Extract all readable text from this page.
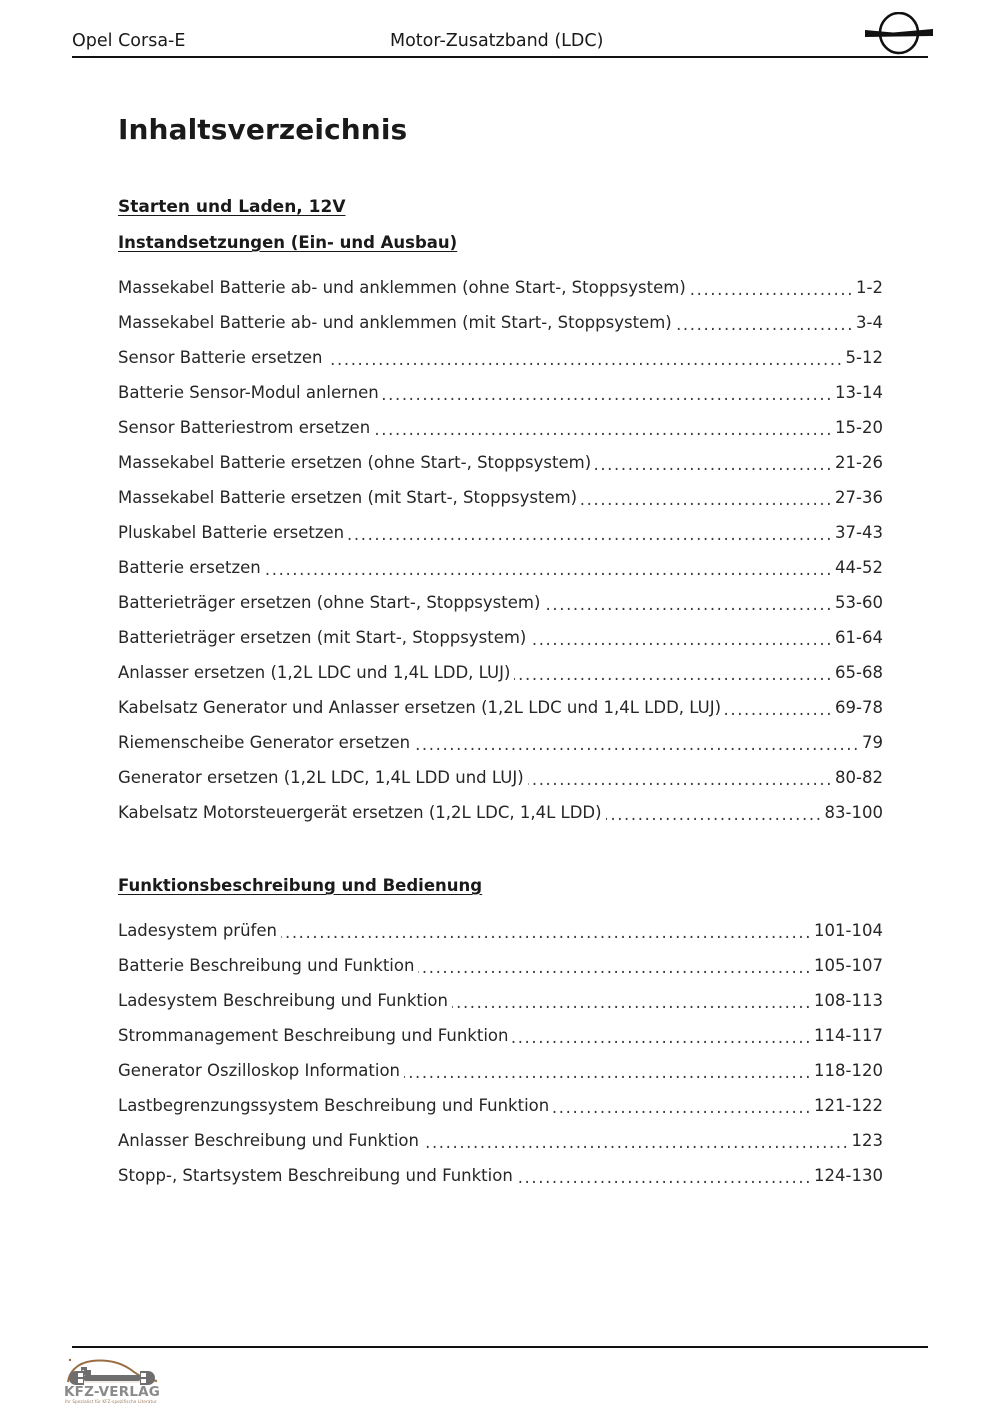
Opel Corsa-E	Motor-Zusatzband (LDC)
Inhaltsverzeichnis
Starten und Laden, 12V
Instandsetzungen (Ein- und Ausbau)
Massekabel Batterie ab- und anklemmen (ohne Start-, Stoppsystem) .....	1-2
Massekabel Batterie ab- und anklemmen (mit Start-, Stoppsystem) .....	3-4
Sensor Batterie ersetzen .....	5-12
Batterie Sensor-Modul anlernen .....	13-14
Sensor Batteriestrom ersetzen .....	15-20
Massekabel Batterie ersetzen (ohne Start-, Stoppsystem) .....	21-26
Massekabel Batterie ersetzen (mit Start-, Stoppsystem) .....	27-36
Pluskabel Batterie ersetzen .....	37-43
Batterie ersetzen .....	44-52
Batterieträger ersetzen (ohne Start-, Stoppsystem) .....	53-60
Batterieträger ersetzen (mit Start-, Stoppsystem) .....	61-64
Anlasser ersetzen (1,2L LDC und 1,4L LDD, LUJ) .....	65-68
Kabelsatz Generator und Anlasser ersetzen (1,2L LDC und 1,4L LDD, LUJ) .....	69-78
Riemenscheibe Generator ersetzen .....	79
Generator ersetzen (1,2L LDC, 1,4L LDD und LUJ) .....	80-82
Kabelsatz Motorsteuergerät ersetzen (1,2L LDC, 1,4L LDD) .....	83-100
Funktionsbeschreibung und Bedienung
Ladesystem prüfen .....	101-104
Batterie Beschreibung und Funktion .....	105-107
Ladesystem Beschreibung und Funktion .....	108-113
Strommanagement Beschreibung und Funktion .....	114-117
Generator Oszilloskop Information .....	118-120
Lastbegrenzungssystem Beschreibung und Funktion .....	121-122
Anlasser Beschreibung und Funktion .....	123
Stopp-, Startsystem Beschreibung und Funktion .....	124-130
KFZ-VERLAG
Ihr Spezialist für KFZ-spezifische Literatur
